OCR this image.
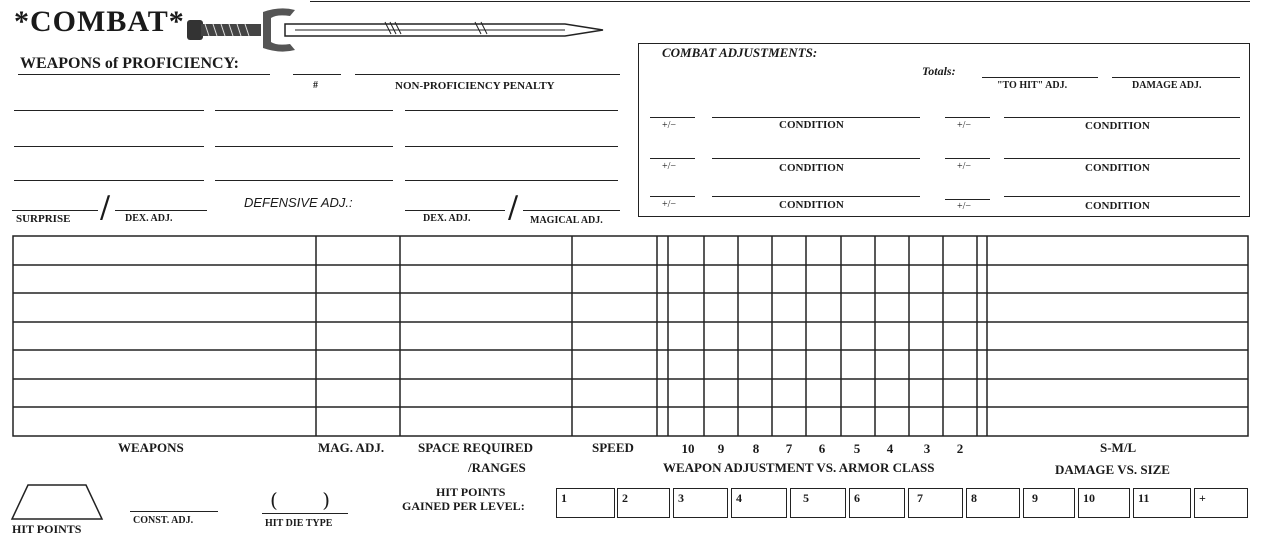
*COMBAT*
WEAPONS of PROFICIENCY:
#	NON-PROFICIENCY PENALTY
/
SURPRISE	DEX. ADJ.
DEFENSIVE ADJ.:	/
DEX. ADJ.	MAGICAL ADJ.
COMBAT ADJUSTMENTS:
Totals:
"TO HIT" ADJ.	DAMAGE ADJ.
+/−	CONDITION	+/−	CONDITION
+/−	CONDITION	+/−	CONDITION
+/−	CONDITION	+/−	CONDITION
WEAPONS	MAG. ADJ.	SPACE REQUIRED
/RANGES
SPEED	10	9	8	7	6	5	4	3	2
WEAPON ADJUSTMENT VS. ARMOR CLASS
S-M/L
DAMAGE VS. SIZE
HIT POINTS
CONST. ADJ.
(       )
HIT DIE TYPE
HIT POINTS
GAINED PER LEVEL:
1	2	3	4	5	6	7	8	9	10	11	+
